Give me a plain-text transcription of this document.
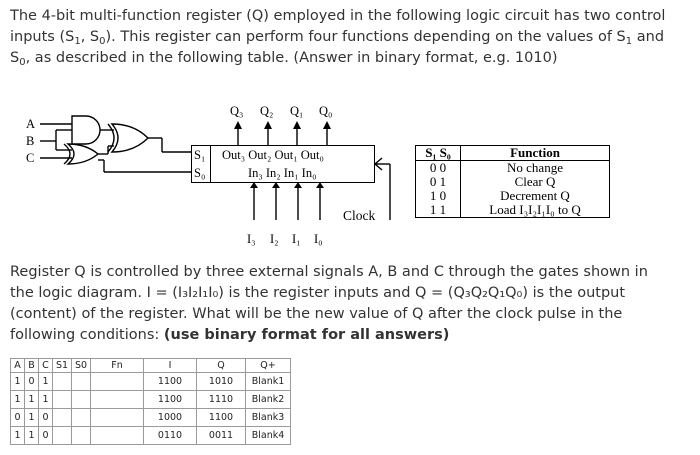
The 4-bit multi-function register (Q) employed in the following logic circuit has two control inputs ($S_1$, $S_0$). This register can perform four functions depending on the values of $S_1$ and $S_0$, as described in the following table. (Answer in binary format, e.g. 1010)
A
B
C
Q₃ Q₂ Q₁ Q₀
S₁
S₀
Out₃ Out₂ Out₁ Out₀
In₃ In₂ In₁ In₀
I₃ I₂ I₁ I₀
Clock
S₁ S₀	Function
0 0	No change
0 1	Clear Q
1 0	Decrement Q
1 1	Load I₃I₂I₁I₀ to Q
Register Q is controlled by three external signals A, B and C through the gates shown in the logic diagram. I = (I₃I₂I₁I₀) is the register inputs and Q = (Q₃Q₂Q₁Q₀) is the output (content) of the register. What will be the new value of Q after the clock pulse in the following conditions: (use binary format for all answers)
A	B	C	S1	S0	Fn	I	Q	Q+
1	0	1				1100	1010	Blank1
1	1	1				1100	1110	Blank2
0	1	0				1000	1100	Blank3
1	1	0				0110	0011	Blank4
